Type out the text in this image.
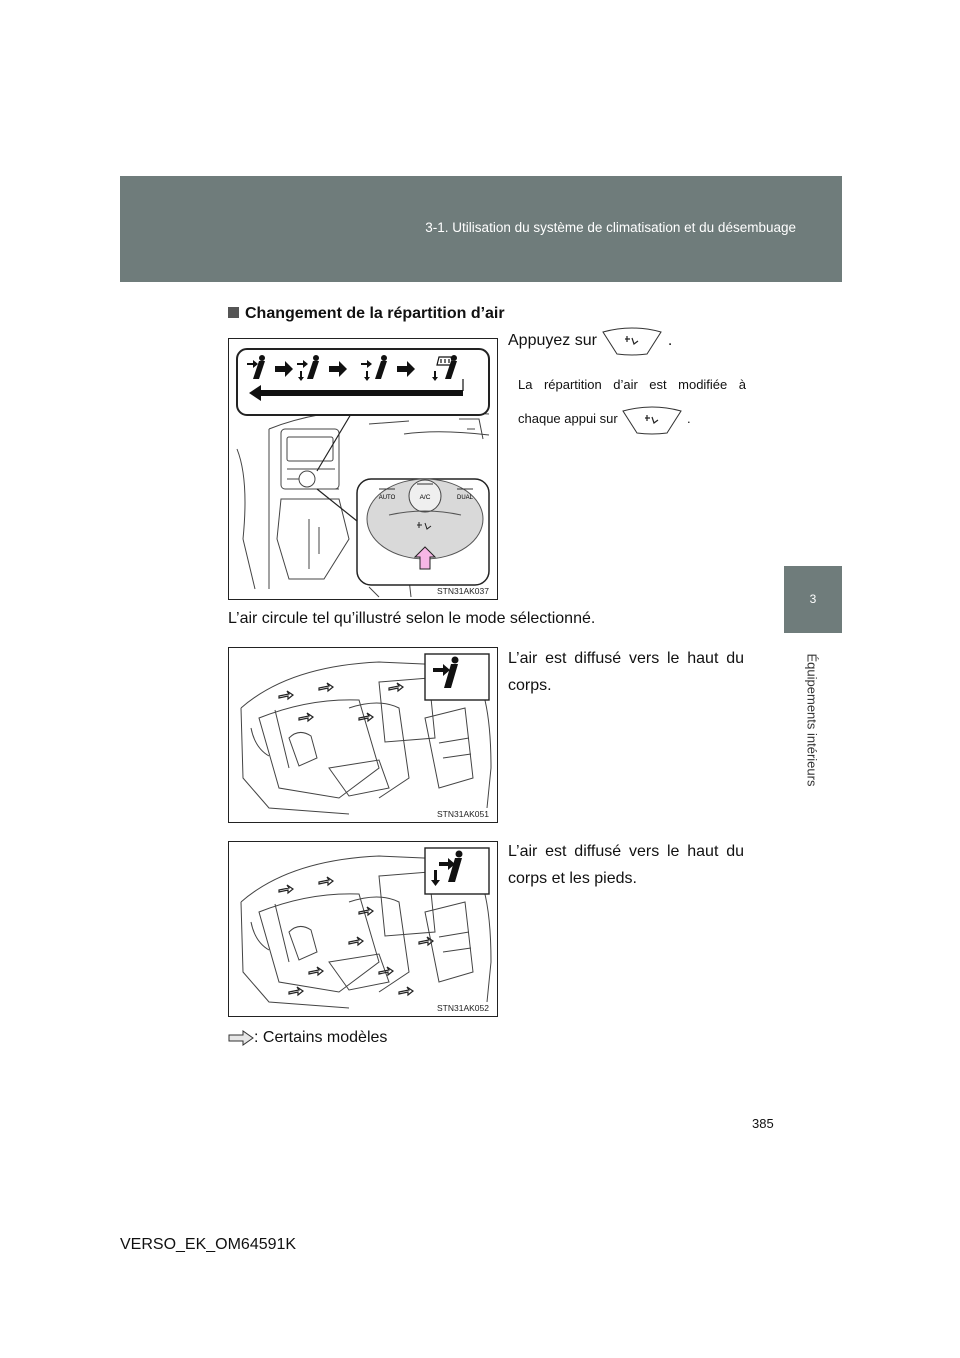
3-1. Utilisation du système de climatisation et du désembuage
3
Équipements intérieurs
Changement de la répartition d’air
A/C
AUTO	DUAL
STN31AK037
Appuyez sur	.
La répartition d’air est modifiée à chaque appui sur	.
L’air circule tel qu’illustré selon le mode sélectionné.
STN31AK051
L’air est diffusé vers le haut du corps.
STN31AK052
L’air est diffusé vers le haut du corps et les pieds.
: Certains modèles
385
VERSO_EK_OM64591K
